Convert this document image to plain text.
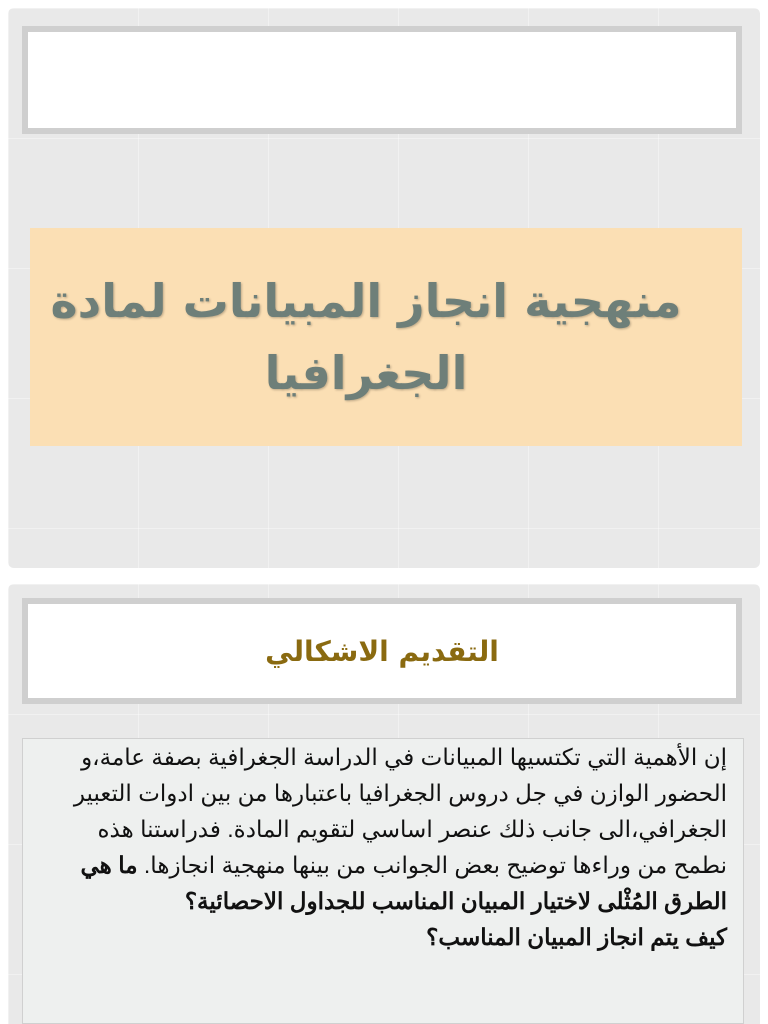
منهجية انجاز المبيانات لمادة الجغرافيا
التقديم الاشكالي

إن الأهمية التي تكتسيها المبيانات في الدراسة الجغرافية بصفة عامة،و الحضور الوازن في جل دروس الجغرافيا باعتبارها من بين ادوات التعبير الجغرافي،الى جانب ذلك عنصر اساسي لتقويم المادة. فدراستنا هذه نطمح من وراءها توضيح بعض الجوانب من بينها منهجية انجازها. ما هي الطرق المُثْلى لاختيار المبيان المناسب للجداول الاحصائية؟

كيف يتم انجاز المبيان المناسب؟
